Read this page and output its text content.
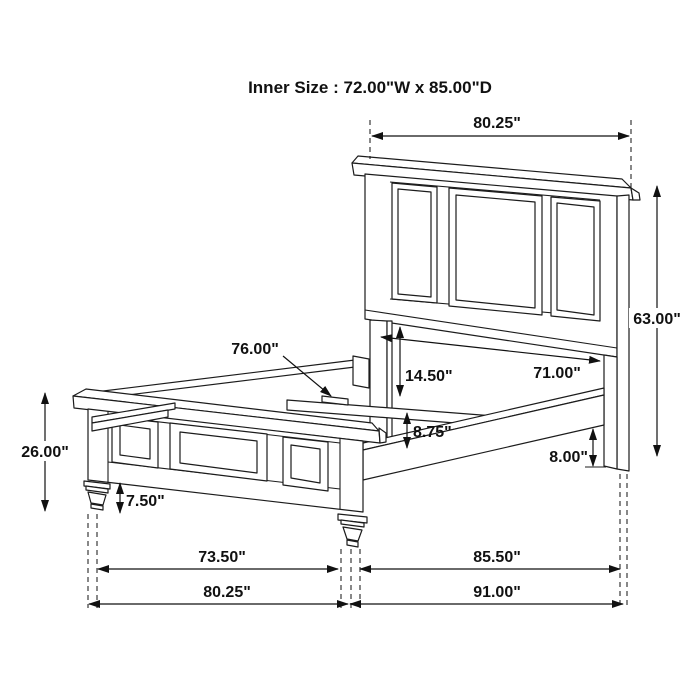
80.25"
63.00"
76.00"
14.50"	71.00"
8.75"
8.00"
26.00"
7.50"
73.50"	85.50"
80.25"	91.00"
Inner Size : 72.00"W x 85.00"D
